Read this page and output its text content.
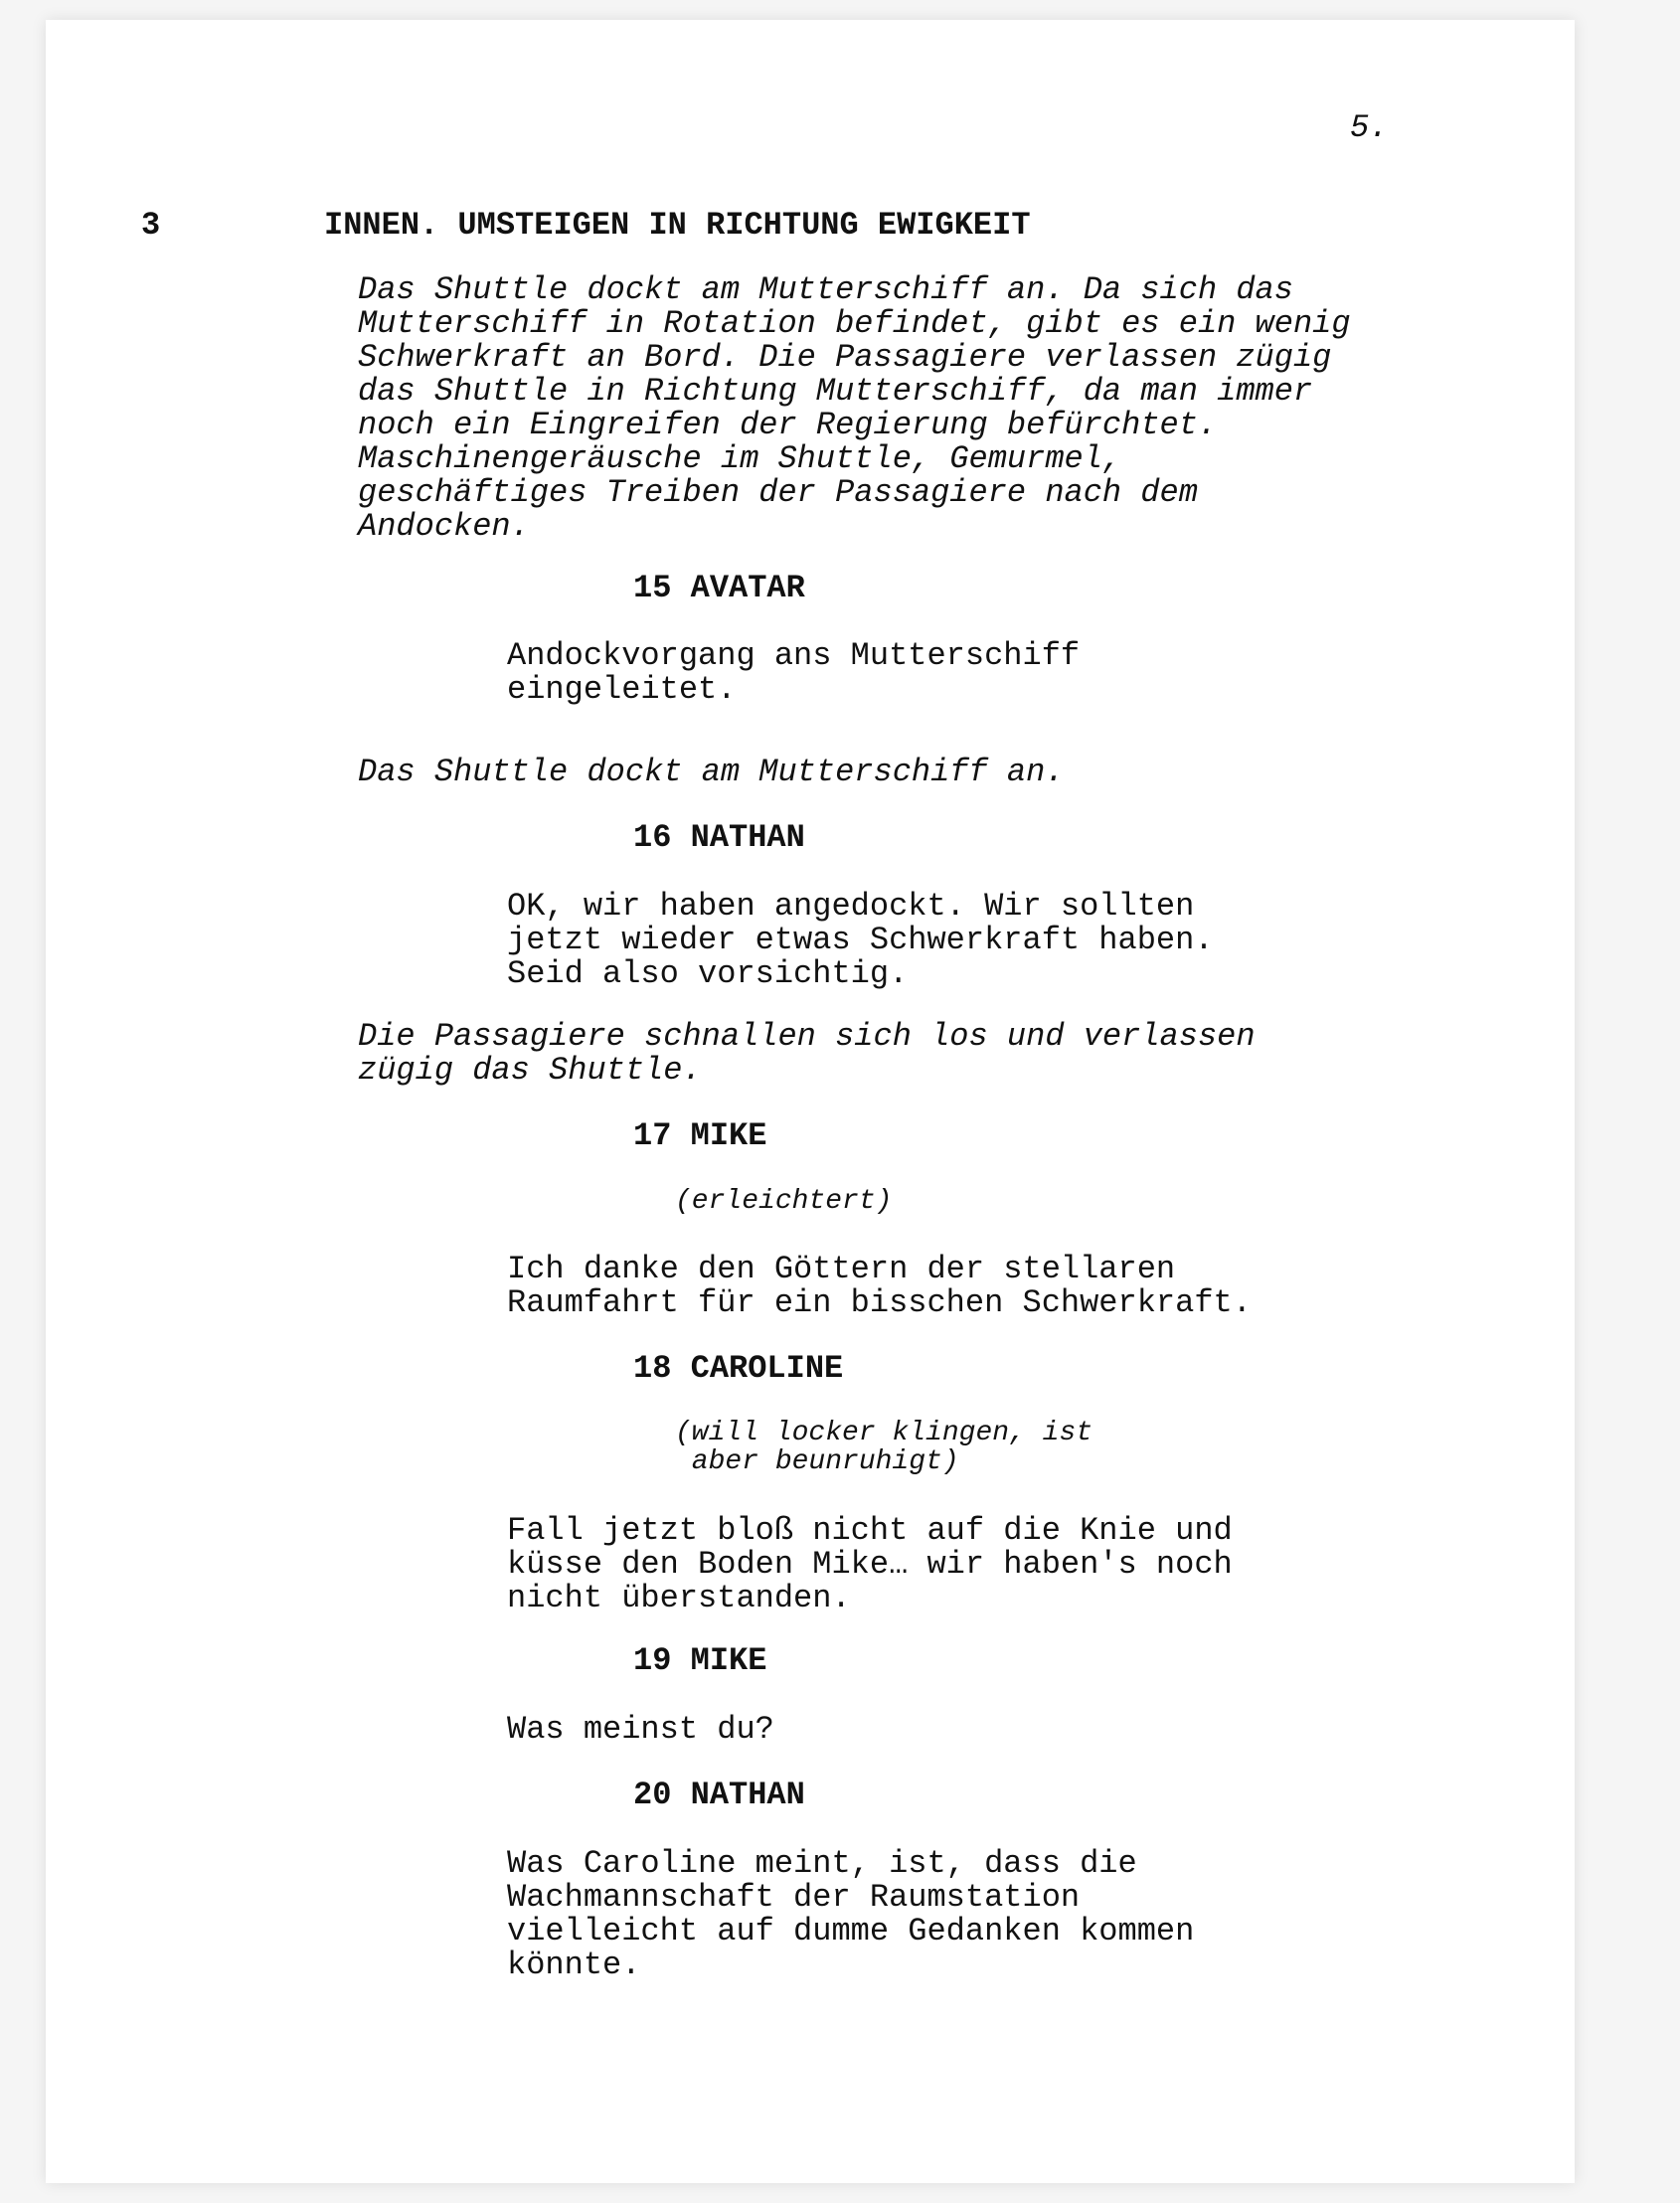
5.
3	INNEN. UMSTEIGEN IN RICHTUNG EWIGKEIT
Das Shuttle dockt am Mutterschiff an. Da sich das
Mutterschiff in Rotation befindet, gibt es ein wenig
Schwerkraft an Bord. Die Passagiere verlassen zügig
das Shuttle in Richtung Mutterschiff, da man immer
noch ein Eingreifen der Regierung befürchtet.
Maschinengeräusche im Shuttle, Gemurmel,
geschäftiges Treiben der Passagiere nach dem
Andocken.
15 AVATAR
Andockvorgang ans Mutterschiff
eingeleitet.
Das Shuttle dockt am Mutterschiff an.
16 NATHAN
OK, wir haben angedockt. Wir sollten
jetzt wieder etwas Schwerkraft haben.
Seid also vorsichtig.
Die Passagiere schnallen sich los und verlassen
zügig das Shuttle.
17 MIKE
(erleichtert)
Ich danke den Göttern der stellaren
Raumfahrt für ein bisschen Schwerkraft.
18 CAROLINE
(will locker klingen, ist
aber beunruhigt)
Fall jetzt bloß nicht auf die Knie und
küsse den Boden Mike… wir haben's noch
nicht überstanden.
19 MIKE
Was meinst du?
20 NATHAN
Was Caroline meint, ist, dass die
Wachmannschaft der Raumstation
vielleicht auf dumme Gedanken kommen
könnte.
